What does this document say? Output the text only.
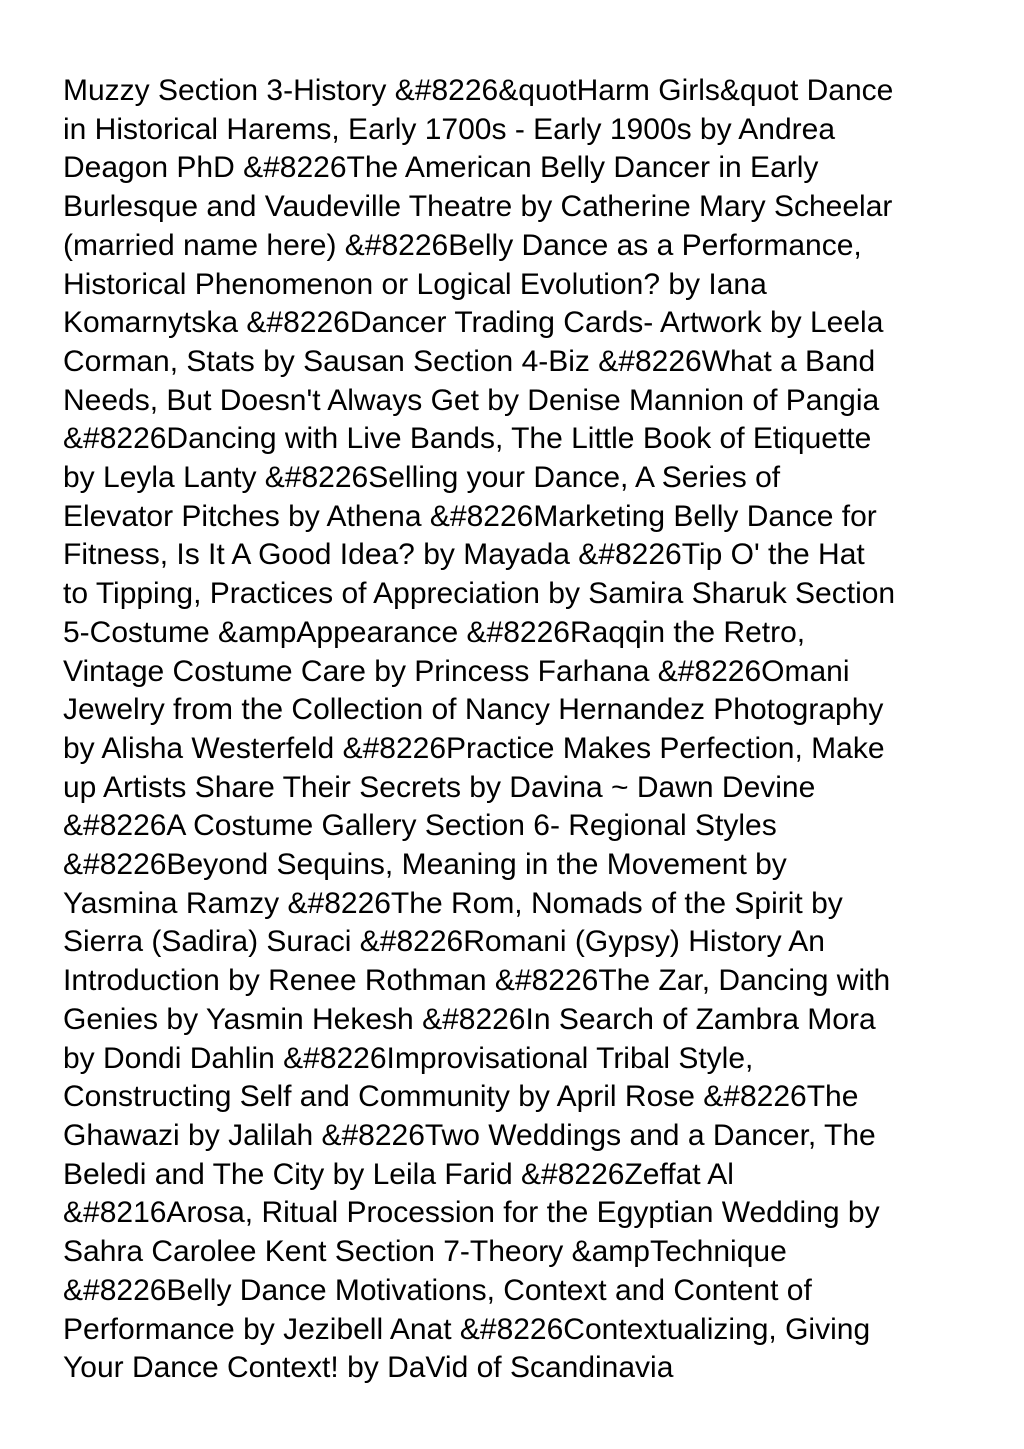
Muzzy Section 3-History &#8226&quotHarm Girls&quot Dance
in Historical Harems, Early 1700s - Early 1900s by Andrea
Deagon PhD &#8226The American Belly Dancer in Early
Burlesque and Vaudeville Theatre by Catherine Mary Scheelar
(married name here) &#8226Belly Dance as a Performance,
Historical Phenomenon or Logical Evolution? by Iana
Komarnytska &#8226Dancer Trading Cards- Artwork by Leela
Corman, Stats by Sausan Section 4-Biz &#8226What a Band
Needs, But Doesn't Always Get by Denise Mannion of Pangia
&#8226Dancing with Live Bands, The Little Book of Etiquette
by Leyla Lanty &#8226Selling your Dance, A Series of
Elevator Pitches by Athena &#8226Marketing Belly Dance for
Fitness, Is It A Good Idea? by Mayada &#8226Tip O' the Hat
to Tipping, Practices of Appreciation by Samira Sharuk Section
5-Costume &ampAppearance &#8226Raqqin the Retro,
Vintage Costume Care by Princess Farhana &#8226Omani
Jewelry from the Collection of Nancy Hernandez Photography
by Alisha Westerfeld &#8226Practice Makes Perfection, Make
up Artists Share Their Secrets by Davina ~ Dawn Devine
&#8226A Costume Gallery Section 6- Regional Styles
&#8226Beyond Sequins, Meaning in the Movement by
Yasmina Ramzy &#8226The Rom, Nomads of the Spirit by
Sierra (Sadira) Suraci &#8226Romani (Gypsy) History An
Introduction by Renee Rothman &#8226The Zar, Dancing with
Genies by Yasmin Hekesh &#8226In Search of Zambra Mora
by Dondi Dahlin &#8226Improvisational Tribal Style,
Constructing Self and Community by April Rose &#8226The
Ghawazi by Jalilah &#8226Two Weddings and a Dancer, The
Beledi and The City by Leila Farid &#8226Zeffat Al
&#8216Arosa, Ritual Procession for the Egyptian Wedding by
Sahra Carolee Kent Section 7-Theory &ampTechnique
&#8226Belly Dance Motivations, Context and Content of
Performance by Jezibell Anat &#8226Contextualizing, Giving
Your Dance Context! by DaVid of Scandinavia
